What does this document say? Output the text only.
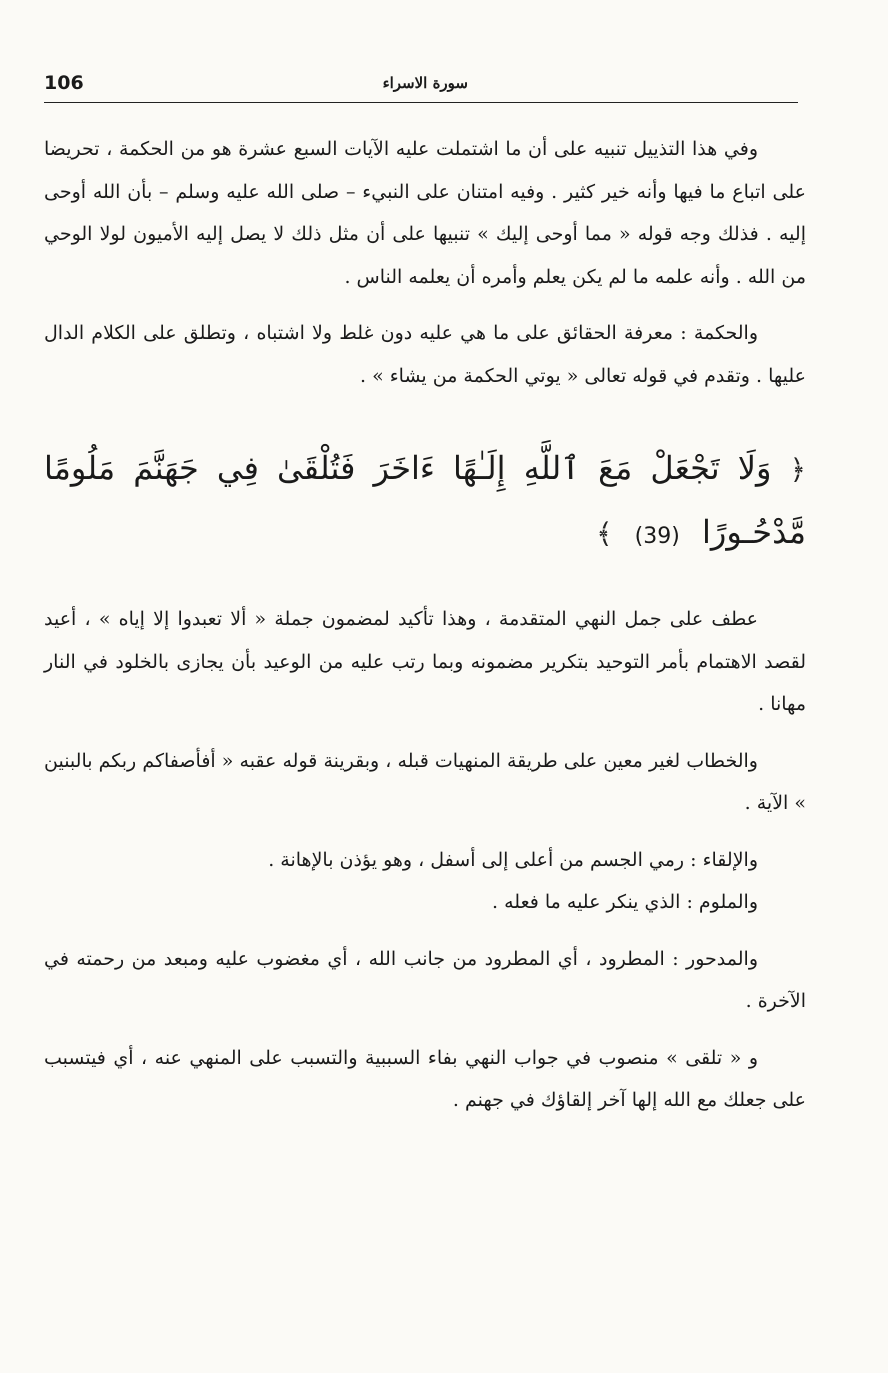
106	سورة الاسراء

وفي هذا التذييل تنبيه على أن ما اشتملت عليه الآيات السبع عشرة هو من الحكمة ، تحريضا على اتباع ما فيها وأنه خير كثير . وفيه امتنان على النبيء – صلى الله عليه وسلم – بأن الله أوحى إليه . فذلك وجه قوله « مما أوحى إليك » تنبيها على أن مثل ذلك لا يصل إليه الأميون لولا الوحي من الله . وأنه علمه ما لم يكن يعلم وأمره أن يعلمه الناس .

والحكمة : معرفة الحقائق على ما هي عليه دون غلط ولا اشتباه ، وتطلق على الكلام الدال عليها . وتقدم في قوله تعالى « يوتي الحكمة من يشاء » .

﴿ وَلَا تَجْعَلْ مَعَ ٱللَّهِ إِلَـٰهًا ءَاخَرَ فَتُلْقَىٰ فِي جَهَنَّمَ مَلُومًا مَّدْحُـورًا (39) ﴾

عطف على جمل النهي المتقدمة ، وهذا تأكيد لمضمون جملة « ألا تعبدوا إلا إياه » ، أعيد لقصد الاهتمام بأمر التوحيد بتكرير مضمونه وبما رتب عليه من الوعيد بأن يجازى بالخلود في النار مهانا .

والخطاب لغير معين على طريقة المنهيات قبله ، وبقرينة قوله عقبه « أفأصفاكم ربكم بالبنين » الآية .

والإلقاء : رمي الجسم من أعلى إلى أسفل ، وهو يؤذن بالإهانة .

والملوم : الذي ينكر عليه ما فعله .

والمدحور : المطرود ، أي المطرود من جانب الله ، أي مغضوب عليه ومبعد من رحمته في الآخرة .

و « تلقى » منصوب في جواب النهي بفاء السببية والتسبب على المنهي عنه ، أي فيتسبب على جعلك مع الله إلها آخر إلقاؤك في جهنم .
